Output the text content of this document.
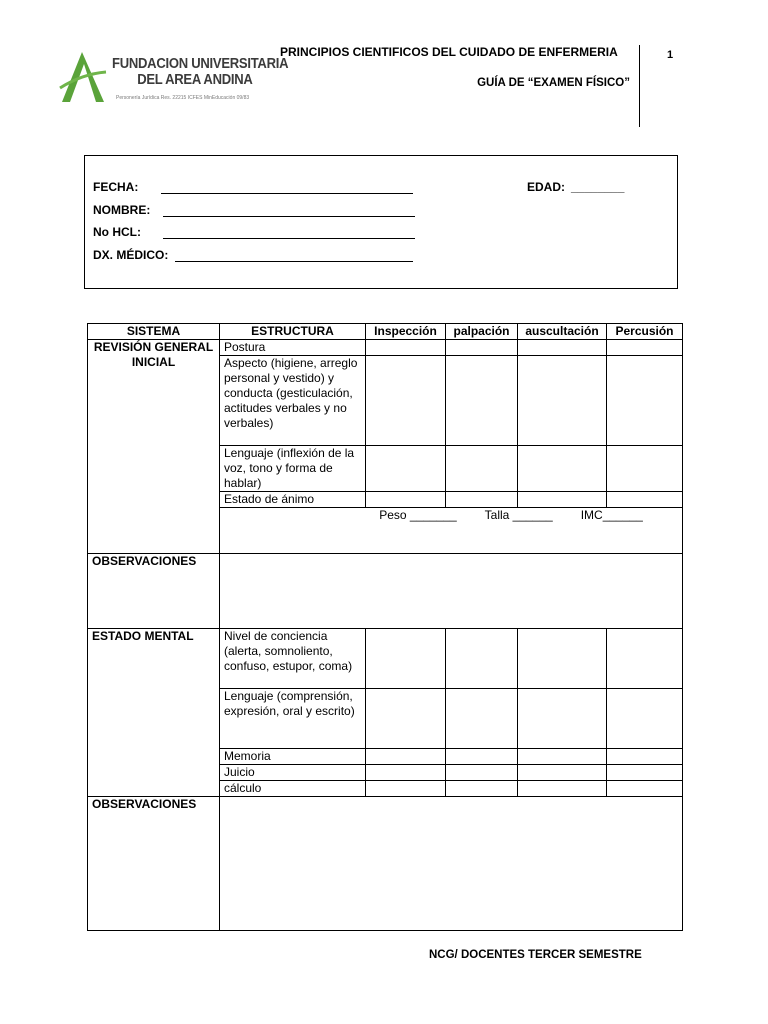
FUNDACION UNIVERSITARIA
DEL AREA ANDINA
Personería Jurídica Res. 22215 ICFES MinEducación 09/83
PRINCIPIOS CIENTIFICOS DEL CUIDADO DE ENFERMERIA
GUÍA DE “EXAMEN FÍSICO”
1
FECHA:	EDAD: ________
NOMBRE:
No HCL:
DX. MÉDICO:
SISTEMA	ESTRUCTURA	Inspección	palpación	auscultación	Percusión
REVISIÓN GENERAL INICIAL	Postura				
	Aspecto (higiene, arreglo personal y vestido) y conducta (gesticulación, actitudes verbales y no verbales)				
	Lenguaje (inflexión de la voz, tono y forma de hablar)				
	Estado de ánimo				

	Peso _______ Talla ______ IMC______				

OBSERVACIONES					
ESTADO MENTAL	Nivel de conciencia (alerta, somnoliento, confuso, estupor, coma)				
	Lenguaje (comprensión, expresión, oral y escrito)				
	Memoria				
	Juicio				
	cálculo				
OBSERVACIONES					
NCG/ DOCENTES TERCER SEMESTRE
